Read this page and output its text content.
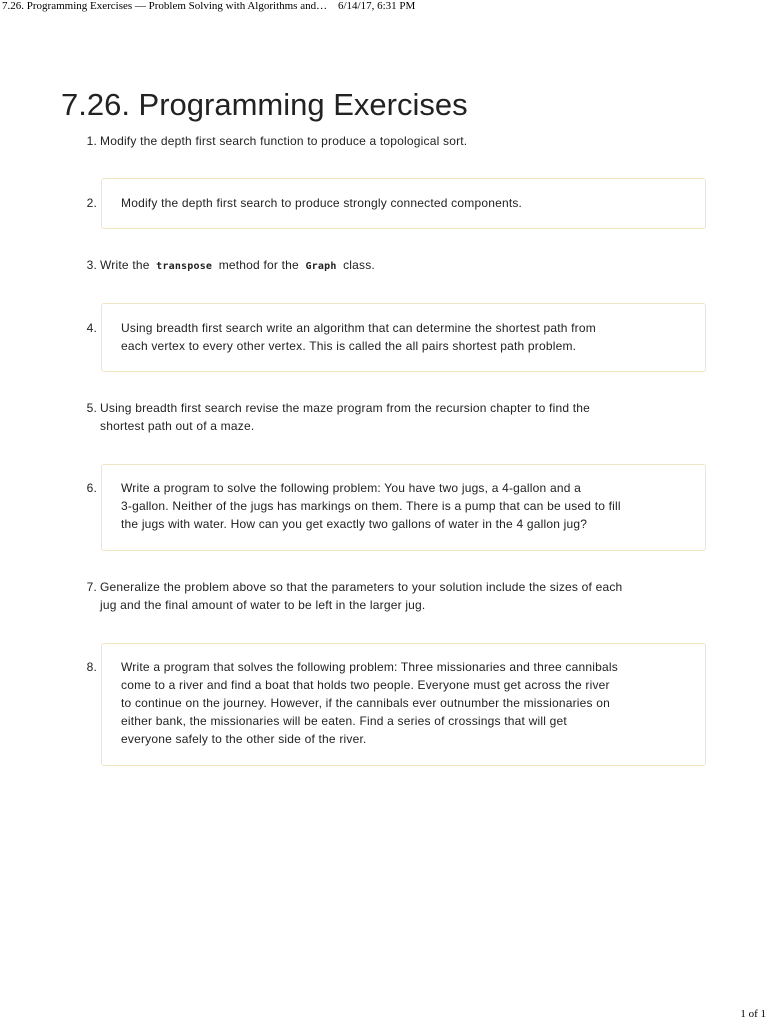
7.26. Programming Exercises — Problem Solving with Algorithms and… 6/14/17, 6:31 PM
7.26. Programming Exercises
1. Modify the depth first search function to produce a topological sort.
2. Modify the depth first search to produce strongly connected components.
3. Write the transpose method for the Graph class.
4. Using breadth first search write an algorithm that can determine the shortest path from
each vertex to every other vertex. This is called the all pairs shortest path problem.
5. Using breadth first search revise the maze program from the recursion chapter to find the
shortest path out of a maze.
6. Write a program to solve the following problem: You have two jugs, a 4-gallon and a
3-gallon. Neither of the jugs has markings on them. There is a pump that can be used to fill
the jugs with water. How can you get exactly two gallons of water in the 4 gallon jug?
7. Generalize the problem above so that the parameters to your solution include the sizes of each
jug and the final amount of water to be left in the larger jug.
8. Write a program that solves the following problem: Three missionaries and three cannibals
come to a river and find a boat that holds two people. Everyone must get across the river
to continue on the journey. However, if the cannibals ever outnumber the missionaries on
either bank, the missionaries will be eaten. Find a series of crossings that will get
everyone safely to the other side of the river.
1 of 1
